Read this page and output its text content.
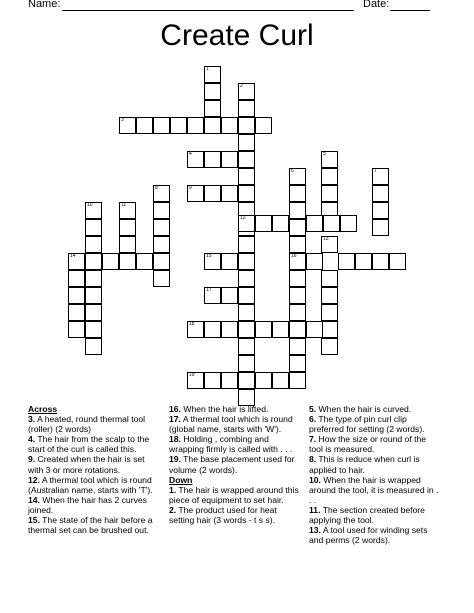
Name:	Date:
Create Curl
1
3
2
4
9
5
6	7
8
10	11
14
12
13
15	16
17
18
19
Across
3. A heated, round thermal tool (roller) (2 words)
4. The hair from the scalp to the start of the curl is called this.
9. Created when the hair is set with 3 or more rotations.
12. A thermal tool which is round (Australian name, starts with 'T').
14. When the hair has 2 curves joined.
15. The state of the hair before a thermal set can be brushed out.
16. When the hair is lifted.
17. A thermal tool which is round (global name, starts with 'W').
18. Holding , combing and wrapping firmly is called with . . .
19. The base placement used for volume (2 words).
Down
1. The hair is wrapped around this piece of equipment to set hair.
2. The product used for heat setting hair (3 words - t s s).
5. When the hair is curved.
6. The type of pin curl clip preferred for setting (2 words).
7. How the size or round of the tool is measured.
8. This is reduce when curl is applied to hair.
10. When the hair is wrapped around the tool, it is measured in . . .
11. The section created before applying the tool.
13. A tool used for winding sets and perms (2 words).
